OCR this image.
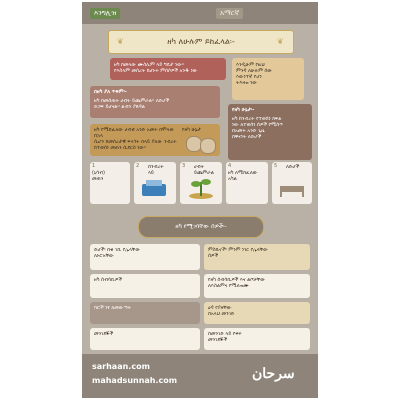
እንግሊዝ	አማርኛ
❦	ዘካ ለሁሉም ይከፈላል፡-	❦
ዘካ በመላው ሙስሊም ላይ ግዴታ ነው፡፡
የእስላም መሰረት ከሆኑት ምሰሶዎች አንዱ ነው
እንዲሁም የዚህ
ምንዳ ለሁሉም ሰው
እውነተኛ የሆነ
ትእዛዝ ነው
በዘካ ያለ ጥቅም፡-
ዘካ በመስጠት ሀብት ይጨምራል፡፡ ለድሆች
ድጋፍ ይሆናል፡፡ ልብን ያጸዳል	የዘካ ሁኔታ፡-
ዘካ ከንብረት የተወሰነ ክፍል
ነው ለተወሰነ ሰዎች የሚሰጥ
በአመት አንድ ጊዜ
በዋናነት ለድሆች
ዘካ የሚከፈለው ሀብቱ አንድ አመት ከሞላው በኋላ
ሲሆን ከመሰረታዊ ፍላጎት በላይ ያለው ንብረት
ከተወሰነ መጠን ሲደርስ ነው፡፡
የዘካ ሁኔታ
1
(ኒሳብ)
መጠን
2 በንብረት
ላይ
3 ሀብት
ይጨምራል
4
ዘካ ለሚከፈለው
አካል
5 ለድሆች
ዘካ የሚገባቸው ሰዎች፡-
ድሆች፡ በቂ ገቢ የሌላቸው
ለኑሮአቸው
ምስኪኖች፡ ምንም ነገር የሌላቸው
ሰዎች
የዘካ ሰብሳቢዎች እና ልቦቻቸው
ለእስልምና የሚለዝሙ
ዘካ ሰብሳቢዎች
ባሮች ነፃ ለመውጣት	ዕዳ የያዛቸው
በአላህ መንገድ
መንገደኞች	በመንገድ ላይ የቀሩ
መንገደኞች
sarhaan.com
mahadsunnah.com	سرحان
